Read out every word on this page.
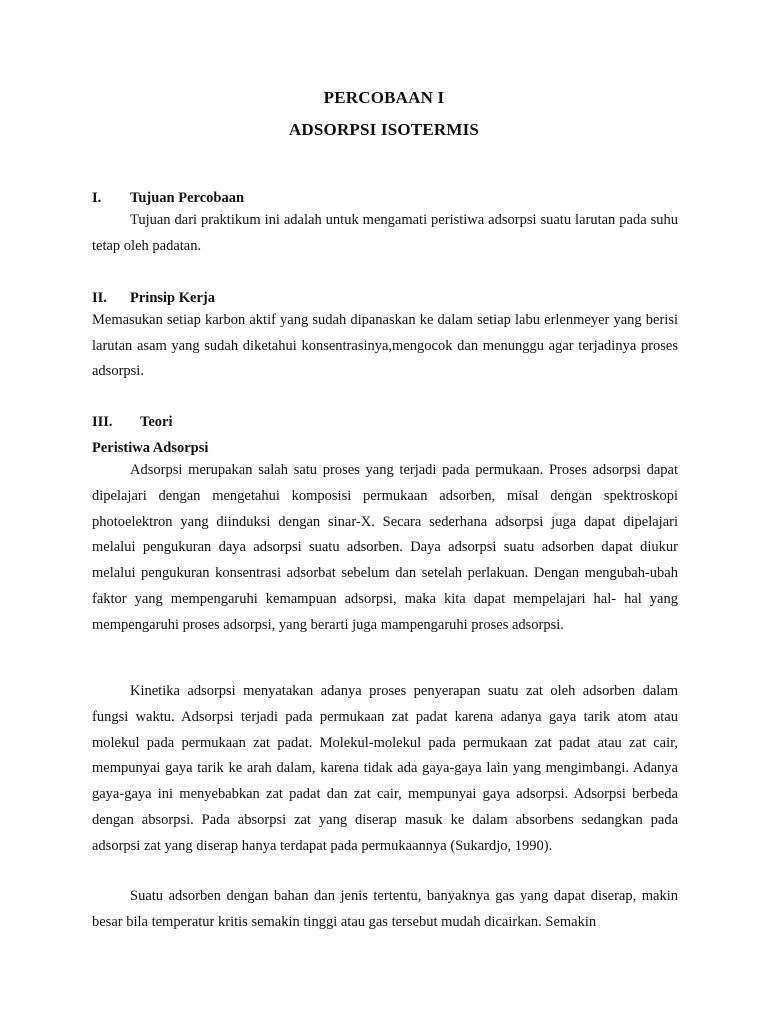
PERCOBAAN I
ADSORPSI ISOTERMIS
I. Tujuan Percobaan

Tujuan dari praktikum ini adalah untuk mengamati peristiwa adsorpsi suatu larutan pada suhu tetap oleh padatan.

II. Prinsip Kerja

Memasukan setiap karbon aktif yang sudah dipanaskan ke dalam setiap labu erlenmeyer yang berisi larutan asam yang sudah diketahui konsentrasinya,mengocok dan menunggu agar terjadinya proses adsorpsi.

III. Teori
Peristiwa Adsorpsi

Adsorpsi merupakan salah satu proses yang terjadi pada permukaan. Proses adsorpsi dapat dipelajari dengan mengetahui komposisi permukaan adsorben, misal dengan spektroskopi photoelektron yang diinduksi dengan sinar-X. Secara sederhana adsorpsi juga dapat dipelajari melalui pengukuran daya adsorpsi suatu adsorben. Daya adsorpsi suatu adsorben dapat diukur melalui pengukuran konsentrasi adsorbat sebelum dan setelah perlakuan. Dengan mengubah-ubah faktor yang mempengaruhi kemampuan adsorpsi, maka kita dapat mempelajari hal- hal yang mempengaruhi proses adsorpsi, yang berarti juga mampengaruhi proses adsorpsi.

Kinetika adsorpsi menyatakan adanya proses penyerapan suatu zat oleh adsorben dalam fungsi waktu. Adsorpsi terjadi pada permukaan zat padat karena adanya gaya tarik atom atau molekul pada permukaan zat padat. Molekul-molekul pada permukaan zat padat atau zat cair, mempunyai gaya tarik ke arah dalam, karena tidak ada gaya-gaya lain yang mengimbangi. Adanya gaya-gaya ini menyebabkan zat padat dan zat cair, mempunyai gaya adsorpsi. Adsorpsi berbeda dengan absorpsi. Pada absorpsi zat yang diserap masuk ke dalam absorbens sedangkan pada adsorpsi zat yang diserap hanya terdapat pada permukaannya (Sukardjo, 1990).

Suatu adsorben dengan bahan dan jenis tertentu, banyaknya gas yang dapat diserap, makin besar bila temperatur kritis semakin tinggi atau gas tersebut mudah dicairkan. Semakin
